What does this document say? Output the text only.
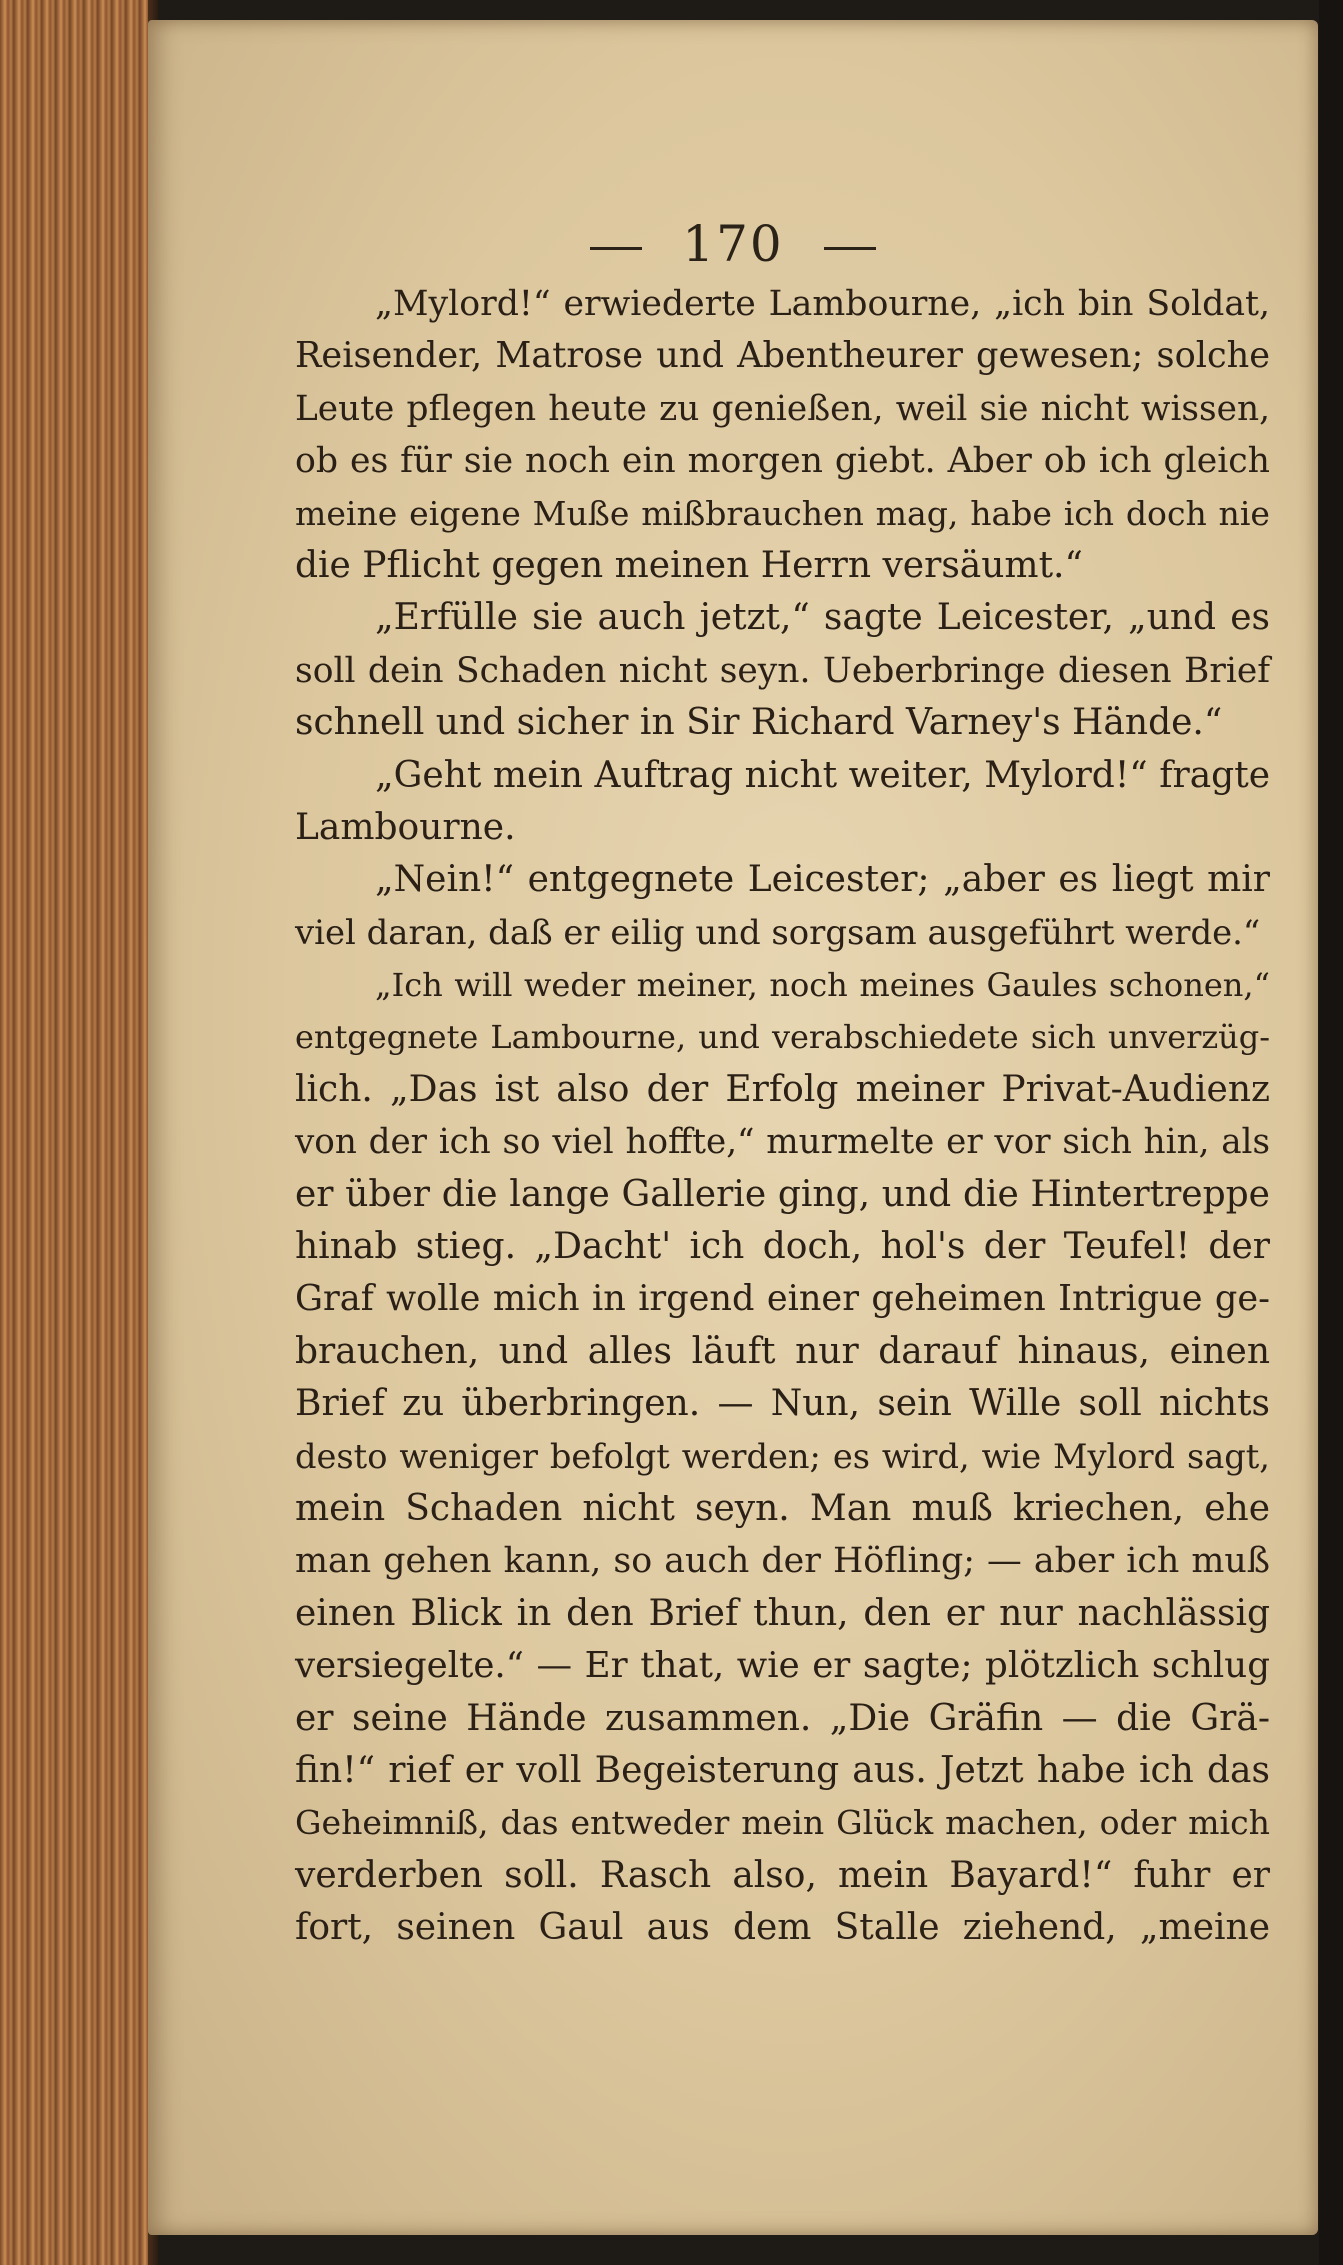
170
„Mylord!“ erwiederte Lambourne, „ich bin Soldat,
Reisender, Matrose und Abentheurer gewesen; solche
Leute pflegen heute zu genießen, weil sie nicht wissen,
ob es für sie noch ein morgen giebt. Aber ob ich gleich
meine eigene Muße mißbrauchen mag, habe ich doch nie
die Pflicht gegen meinen Herrn versäumt.“
„Erfülle sie auch jetzt,“ sagte Leicester, „und es
soll dein Schaden nicht seyn. Ueberbringe diesen Brief
schnell und sicher in Sir Richard Varney's Hände.“
„Geht mein Auftrag nicht weiter, Mylord!“ fragte
Lambourne.
„Nein!“ entgegnete Leicester; „aber es liegt mir
viel daran, daß er eilig und sorgsam ausgeführt werde.“
„Ich will weder meiner, noch meines Gaules schonen,“
entgegnete Lambourne, und verabschiedete sich unverzüg-
lich. „Das ist also der Erfolg meiner Privat-Audienz
von der ich so viel hoffte,“ murmelte er vor sich hin, als
er über die lange Gallerie ging, und die Hintertreppe
hinab stieg. „Dacht' ich doch, hol's der Teufel! der
Graf wolle mich in irgend einer geheimen Intrigue ge-
brauchen, und alles läuft nur darauf hinaus, einen
Brief zu überbringen. — Nun, sein Wille soll nichts
desto weniger befolgt werden; es wird, wie Mylord sagt,
mein Schaden nicht seyn. Man muß kriechen, ehe
man gehen kann, so auch der Höfling; — aber ich muß
einen Blick in den Brief thun, den er nur nachlässig
versiegelte.“ — Er that, wie er sagte; plötzlich schlug
er seine Hände zusammen. „Die Gräfin — die Grä-
fin!“ rief er voll Begeisterung aus. Jetzt habe ich das
Geheimniß, das entweder mein Glück machen, oder mich
verderben soll. Rasch also, mein Bayard!“ fuhr er
fort, seinen Gaul aus dem Stalle ziehend, „meine
